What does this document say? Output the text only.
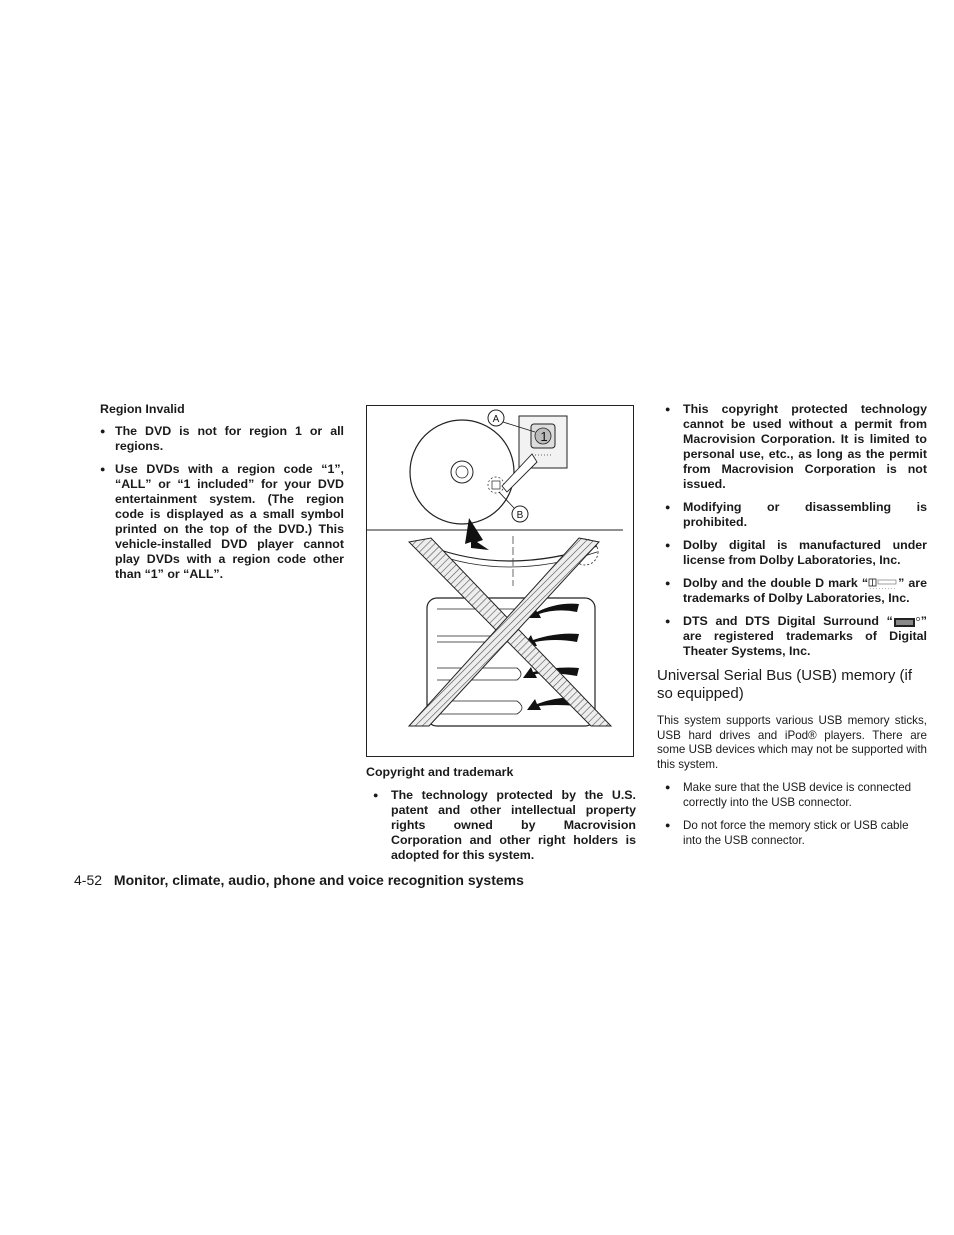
Region Invalid
● The DVD is not for region 1 or all regions.
● Use DVDs with a region code “1”, “ALL” or “1 included” for your DVD entertainment system. (The region code is displayed as a small symbol printed on the top of the DVD.) This vehicle-installed DVD player cannot play DVDs with a region code other than “1” or “ALL”.
1
A
B
Copyright and trademark
● The technology protected by the U.S. patent and other intellectual property rights owned by Macrovision Corporation and other right holders is adopted for this system.
● This copyright protected technology cannot be used without a permit from Macrovision Corporation. It is limited to personal use, etc., as long as the permit from Macrovision Corporation is not issued.
● Modifying or disassembling is prohibited.
● Dolby digital is manufactured under license from Dolby Laboratories, Inc.
● Dolby and the double D mark “ ” are trademarks of Dolby Laboratories, Inc.
● DTS and DTS Digital Surround “ ” are registered trademarks of Digital Theater Systems, Inc.
Universal Serial Bus (USB) memory (if so equipped)

This system supports various USB memory sticks, USB hard drives and iPod® players. There are some USB devices which may not be supported with this system.

● Make sure that the USB device is connected correctly into the USB connector.
● Do not force the memory stick or USB cable into the USB connector.
4-52 Monitor, climate, audio, phone and voice recognition systems
